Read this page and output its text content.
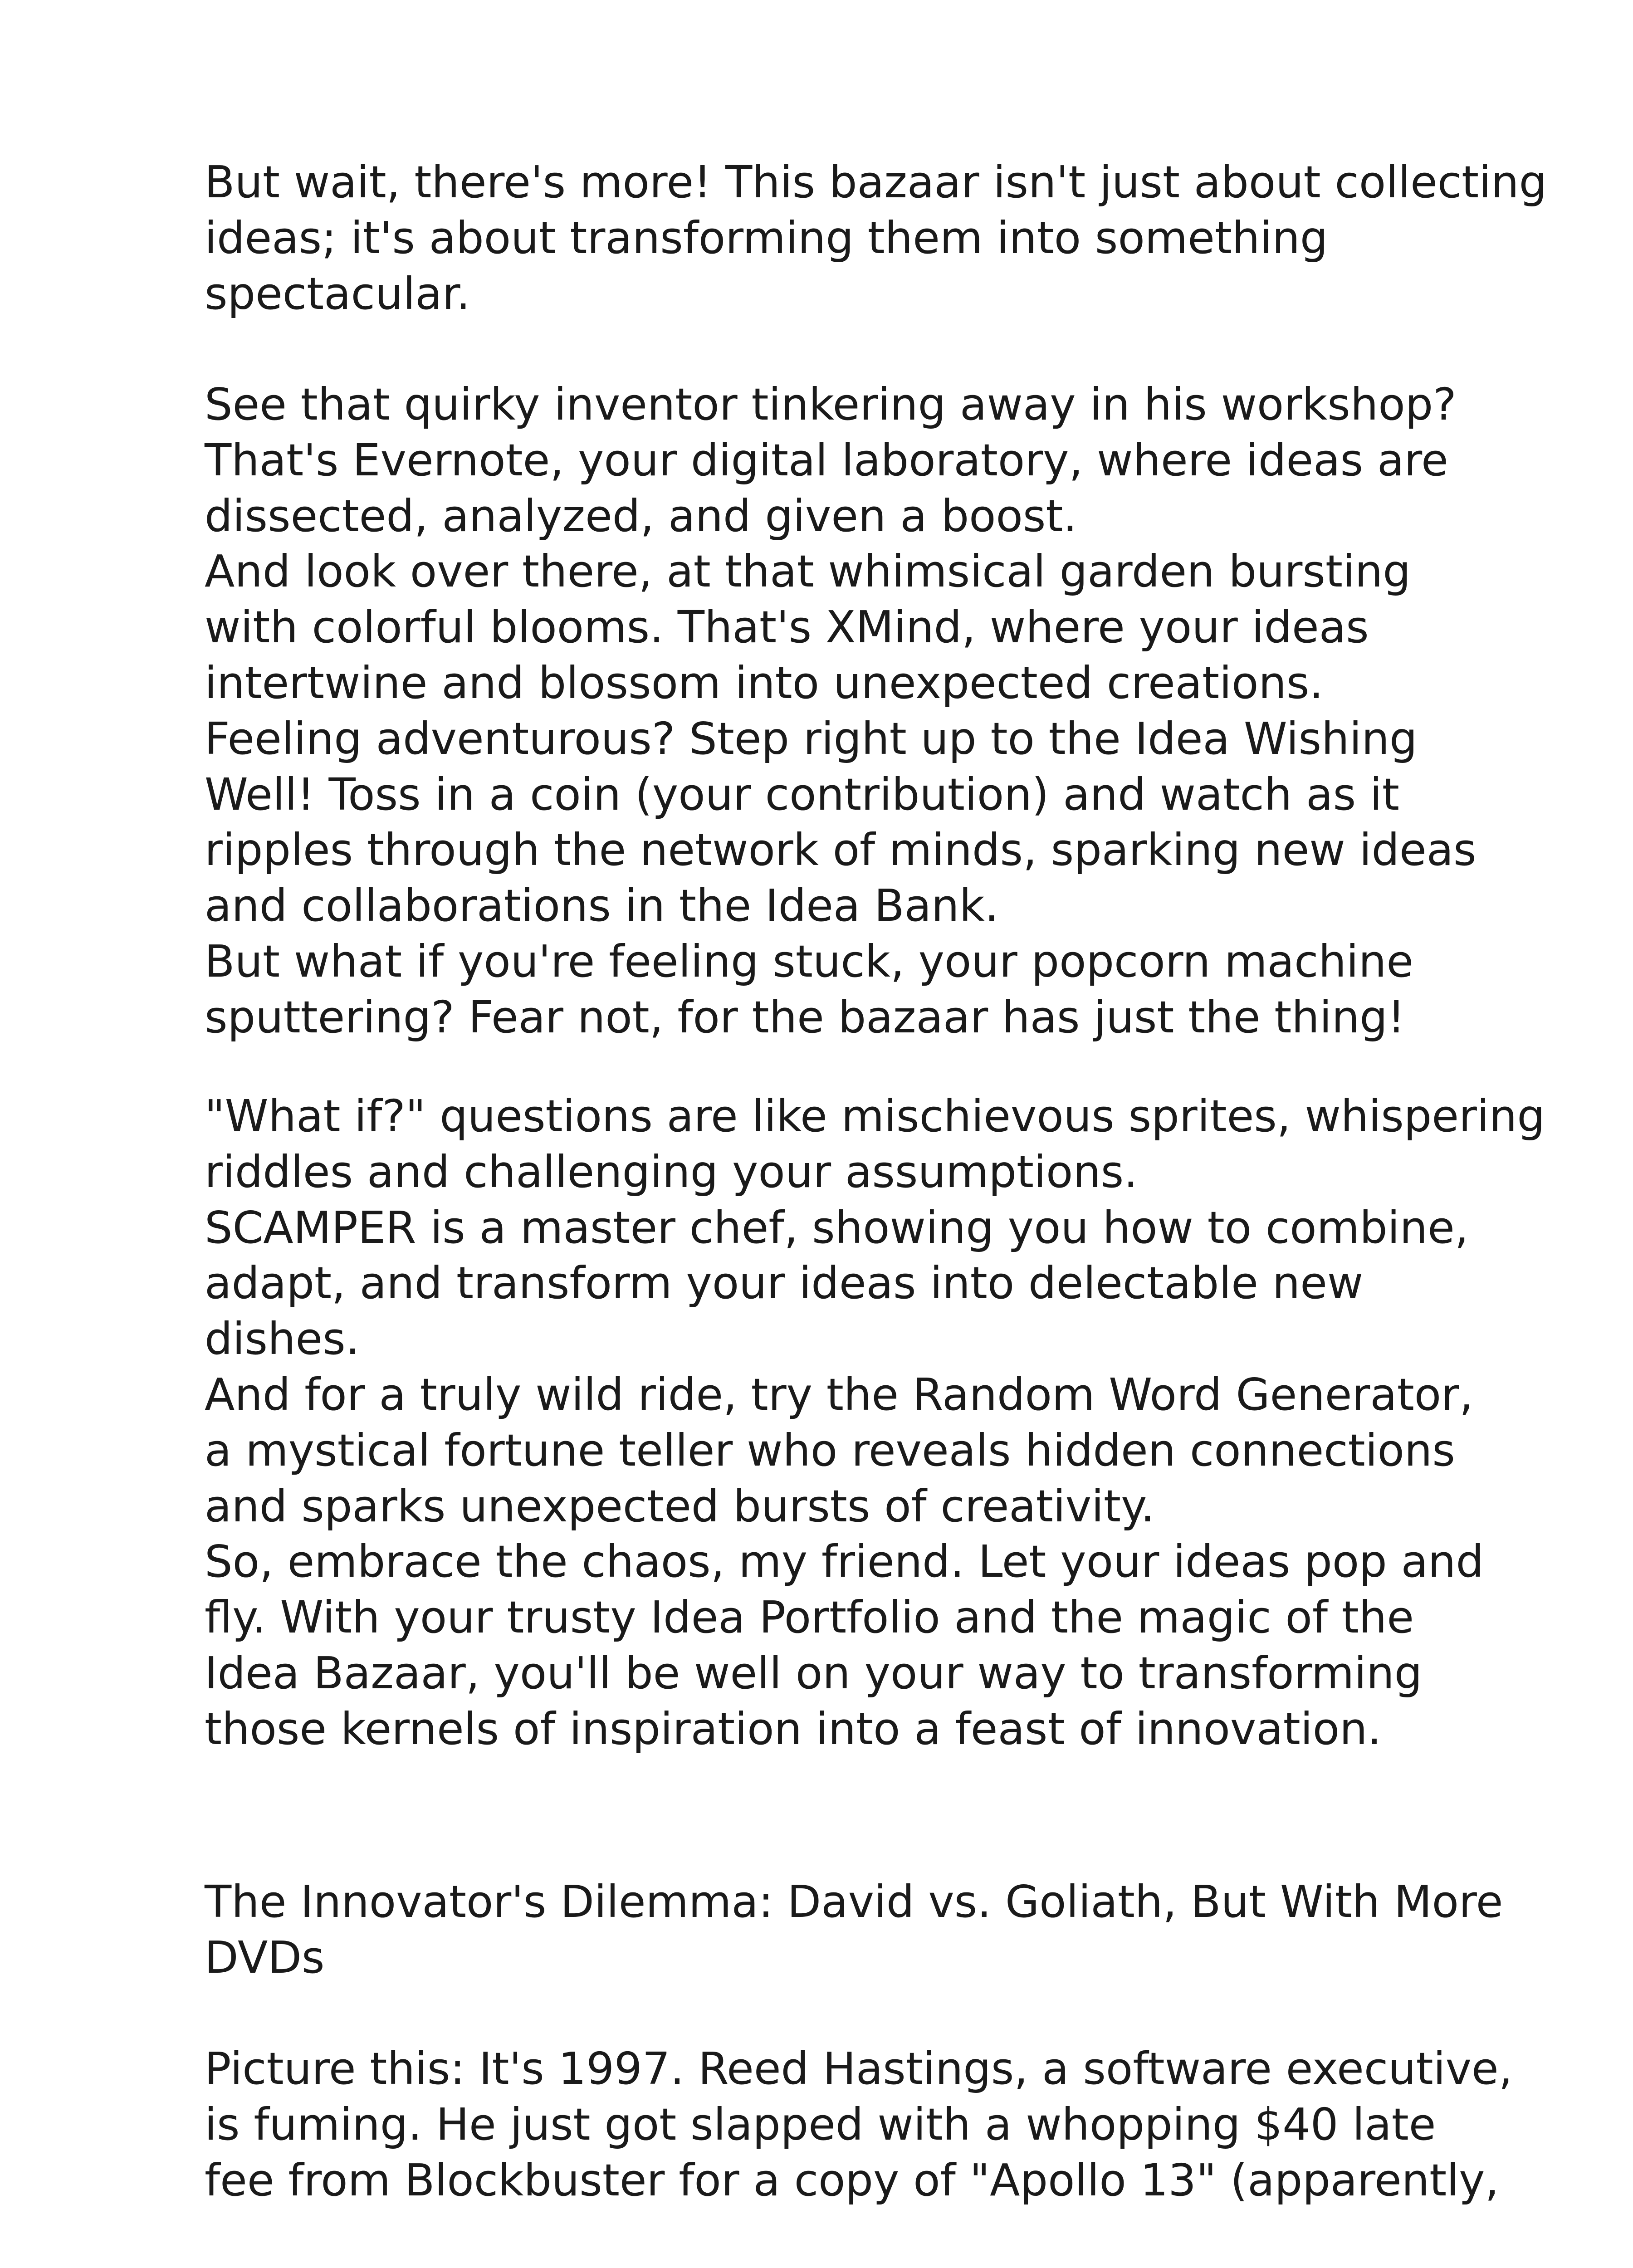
But wait, there's more! This bazaar isn't just about collecting
ideas; it's about transforming them into something
spectacular.
See that quirky inventor tinkering away in his workshop?
That's Evernote, your digital laboratory, where ideas are
dissected, analyzed, and given a boost.
And look over there, at that whimsical garden bursting
with colorful blooms. That's XMind, where your ideas
intertwine and blossom into unexpected creations.
Feeling adventurous? Step right up to the Idea Wishing
Well! Toss in a coin (your contribution) and watch as it
ripples through the network of minds, sparking new ideas
and collaborations in the Idea Bank.
But what if you're feeling stuck, your popcorn machine
sputtering? Fear not, for the bazaar has just the thing!
"What if?" questions are like mischievous sprites, whispering
riddles and challenging your assumptions.
SCAMPER is a master chef, showing you how to combine,
adapt, and transform your ideas into delectable new
dishes.
And for a truly wild ride, try the Random Word Generator,
a mystical fortune teller who reveals hidden connections
and sparks unexpected bursts of creativity.
So, embrace the chaos, my friend. Let your ideas pop and
fly. With your trusty Idea Portfolio and the magic of the
Idea Bazaar, you'll be well on your way to transforming
those kernels of inspiration into a feast of innovation.
The Innovator's Dilemma: David vs. Goliath, But With More
DVDs
Picture this: It's 1997. Reed Hastings, a software executive,
is fuming. He just got slapped with a whopping $40 late
fee from Blockbuster for a copy of "Apollo 13" (apparently,
